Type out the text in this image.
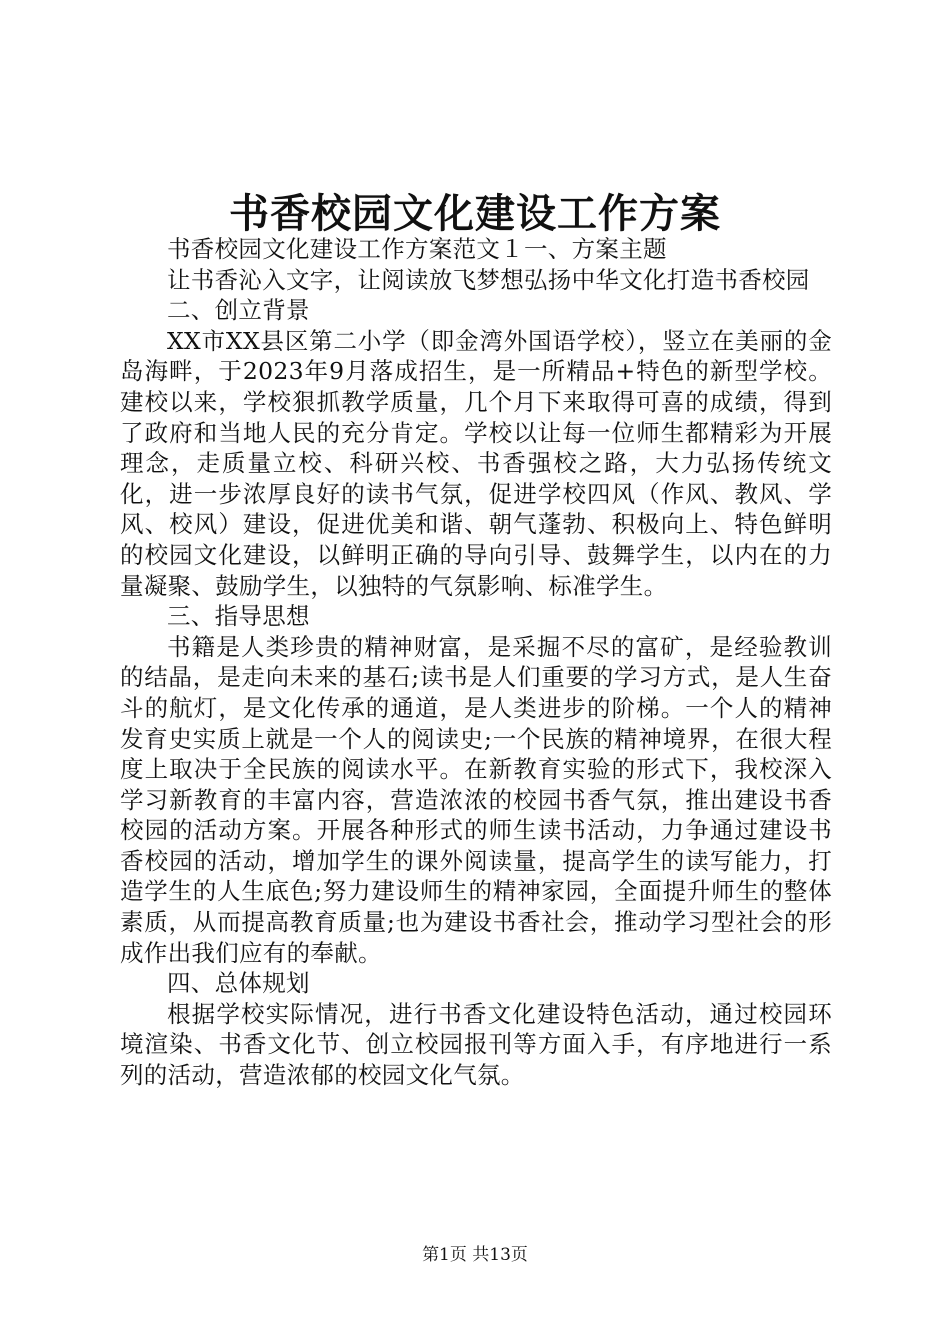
书香校园文化建设工作方案

书香校园文化建设工作方案范文１一、方案主题

让书香沁入文字，让阅读放飞梦想弘扬中华文化打造书香校园

二、创立背景

XX市XX县区第二小学（即金湾外国语学校），竖立在美丽的金岛海畔，于2023年9月落成招生，是一所精品+特色的新型学校。建校以来，学校狠抓教学质量，几个月下来取得可喜的成绩，得到了政府和当地人民的充分肯定。学校以让每一位师生都精彩为开展理念，走质量立校、科研兴校、书香强校之路，大力弘扬传统文化，进一步浓厚良好的读书气氛，促进学校四风（作风、教风、学风、校风）建设，促进优美和谐、朝气蓬勃、积极向上、特色鲜明的校园文化建设，以鲜明正确的导向引导、鼓舞学生，以内在的力量凝聚、鼓励学生，以独特的气氛影响、标准学生。

三、指导思想

书籍是人类珍贵的精神财富，是采掘不尽的富矿，是经验教训的结晶，是走向未来的基石;读书是人们重要的学习方式，是人生奋斗的航灯，是文化传承的通道，是人类进步的阶梯。一个人的精神发育史实质上就是一个人的阅读史;一个民族的精神境界，在很大程度上取决于全民族的阅读水平。在新教育实验的形式下，我校深入学习新教育的丰富内容，营造浓浓的校园书香气氛，推出建设书香校园的活动方案。开展各种形式的师生读书活动，力争通过建设书香校园的活动，增加学生的课外阅读量，提高学生的读写能力，打造学生的人生底色;努力建设师生的精神家园，全面提升师生的整体素质，从而提高教育质量;也为建设书香社会，推动学习型社会的形成作出我们应有的奉献。

四、总体规划

根据学校实际情况，进行书香文化建设特色活动，通过校园环境渲染、书香文化节、创立校园报刊等方面入手，有序地进行一系列的活动，营造浓郁的校园文化气氛。

第1页 共13页
